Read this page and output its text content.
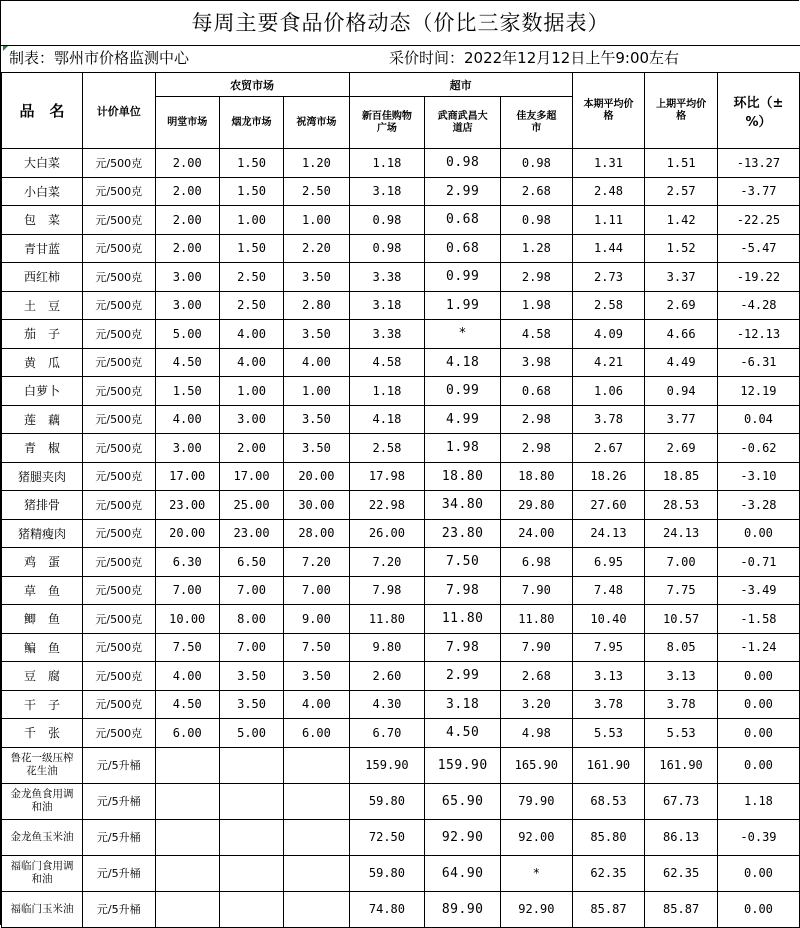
每周主要食品价格动态（价比三家数据表）
制表：鄂州市价格监测中心	采价时间：2022年12月12日上午9:00左右
品　名	计价单位	农贸市场			超市			本期平均价格	上期平均价格	环比（±%）
		明堂市场	烟龙市场	祝湾市场	新百佳购物广场	武商武昌大道店	佳友多超市			
大白菜	元/500克	2.00	1.50	1.20	1.18	0.98	0.98	1.31	1.51	-13.27
小白菜	元/500克	2.00	1.50	2.50	3.18	2.99	2.68	2.48	2.57	-3.77
包　菜	元/500克	2.00	1.00	1.00	0.98	0.68	0.98	1.11	1.42	-22.25
青甘蓝	元/500克	2.00	1.50	2.20	0.98	0.68	1.28	1.44	1.52	-5.47
西红柿	元/500克	3.00	2.50	3.50	3.38	0.99	2.98	2.73	3.37	-19.22
土　豆	元/500克	3.00	2.50	2.80	3.18	1.99	1.98	2.58	2.69	-4.28
茄　子	元/500克	5.00	4.00	3.50	3.38	*	4.58	4.09	4.66	-12.13
黄　瓜	元/500克	4.50	4.00	4.00	4.58	4.18	3.98	4.21	4.49	-6.31
白萝卜	元/500克	1.50	1.00	1.00	1.18	0.99	0.68	1.06	0.94	12.19
莲　藕	元/500克	4.00	3.00	3.50	4.18	4.99	2.98	3.78	3.77	0.04
青　椒	元/500克	3.00	2.00	3.50	2.58	1.98	2.98	2.67	2.69	-0.62
猪腿夹肉	元/500克	17.00	17.00	20.00	17.98	18.80	18.80	18.26	18.85	-3.10
猪排骨	元/500克	23.00	25.00	30.00	22.98	34.80	29.80	27.60	28.53	-3.28
猪精瘦肉	元/500克	20.00	23.00	28.00	26.00	23.80	24.00	24.13	24.13	0.00
鸡　蛋	元/500克	6.30	6.50	7.20	7.20	7.50	6.98	6.95	7.00	-0.71
草　鱼	元/500克	7.00	7.00	7.00	7.98	7.98	7.90	7.48	7.75	-3.49
鲫　鱼	元/500克	10.00	8.00	9.00	11.80	11.80	11.80	10.40	10.57	-1.58
鳊　鱼	元/500克	7.50	7.00	7.50	9.80	7.98	7.90	7.95	8.05	-1.24
豆　腐	元/500克	4.00	3.50	3.50	2.60	2.99	2.68	3.13	3.13	0.00
干　子	元/500克	4.50	3.50	4.00	4.30	3.18	3.20	3.78	3.78	0.00
千　张	元/500克	6.00	5.00	6.00	6.70	4.50	4.98	5.53	5.53	0.00
鲁花一级压榨花生油	元/5升桶				159.90	159.90	165.90	161.90	161.90	0.00
金龙鱼食用调和油	元/5升桶				59.80	65.90	79.90	68.53	67.73	1.18
金龙鱼玉米油	元/5升桶				72.50	92.90	92.00	85.80	86.13	-0.39
福临门食用调和油	元/5升桶				59.80	64.90	*	62.35	62.35	0.00
福临门玉米油	元/5升桶				74.80	89.90	92.90	85.87	85.87	0.00
